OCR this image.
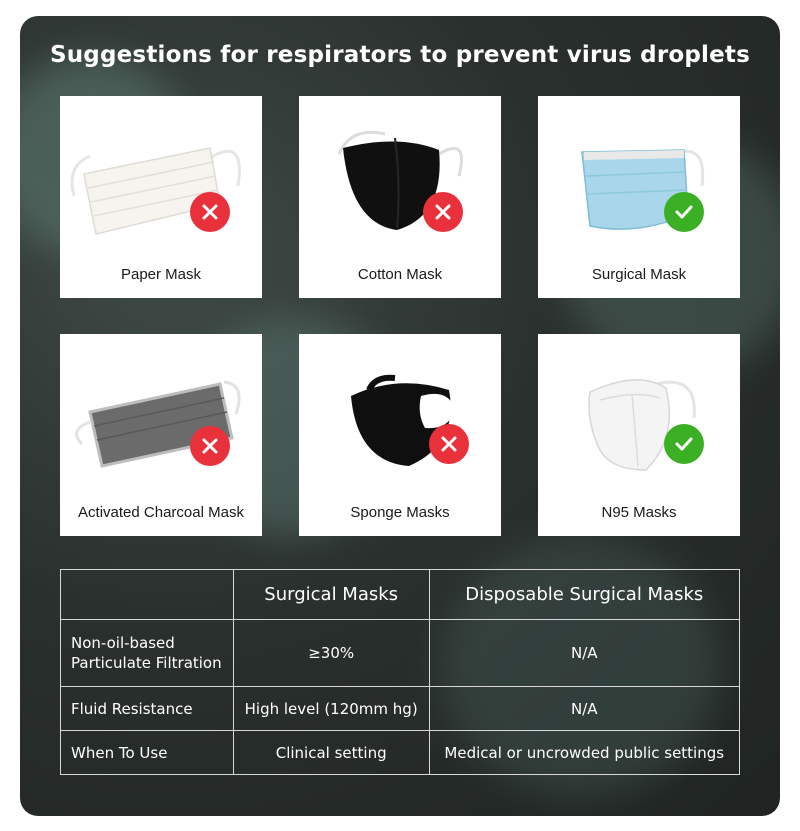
Suggestions for respirators to prevent virus droplets
Paper Mask	Cotton Mask	Surgical Mask
Activated Charcoal Mask	Sponge Masks	N95 Masks
	Surgical Masks	Disposable Surgical Masks
Non-oil-based Particulate Filtration	≥30%	N/A
Fluid Resistance	High level (120mm hg)	N/A
When To Use	Clinical setting	Medical or uncrowded public settings
